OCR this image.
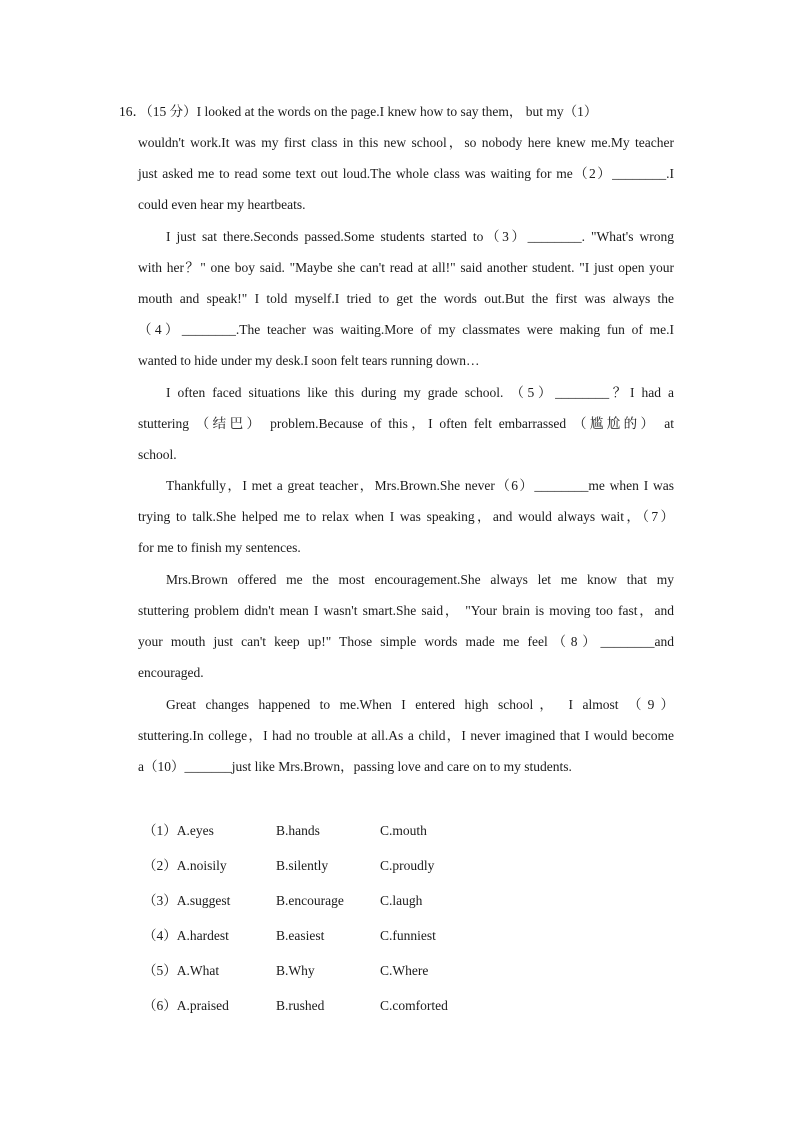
16．（15 分）I looked at the words on the page.I knew how to say them， but my（1）
wouldn't work.It was my first class in this new school，so nobody here knew me.My teacher
just asked me to read some text out loud.The whole class was waiting for me（2）________.I
could even hear my heartbeats.
I just sat there.Seconds passed.Some students started to（3）________. "What's wrong
with her？" one boy said. "Maybe she can't read at all!" said another student. "I just open your
mouth and speak!" I told myself.I tried to get the words out.But the first was always the
（4）________.The teacher was waiting.More of my classmates were making fun of me.I
wanted to hide under my desk.I soon felt tears running down…
I often faced situations like this during my grade school. （5）________？I had a
stuttering （结巴） problem.Because of this，I often felt embarrassed （尴尬的） at
school.
Thankfully，I met a great teacher，Mrs.Brown.She never（6）________me when I was
trying to talk.She helped me to relax when I was speaking，and would always wait，（7）
for me to finish my sentences.
Mrs.Brown offered me the most encouragement.She always let me know that my
stuttering problem didn't mean I wasn't smart.She said， "Your brain is moving too fast，and
your mouth just can't keep up!" Those simple words made me feel（8）________and
encouraged.
Great changes happened to me.When I entered high school， I almost （9）
stuttering.In college，I had no trouble at all.As a child，I never imagined that I would become
a（10）_______just like Mrs.Brown，passing love and care on to my students.
（1）A.eyes	B.hands	C.mouth
（2）A.noisily	B.silently	C.proudly
（3）A.suggest	B.encourage	C.laugh
（4）A.hardest	B.easiest	C.funniest
（5）A.What	B.Why	C.Where
（6）A.praised	B.rushed	C.comforted
